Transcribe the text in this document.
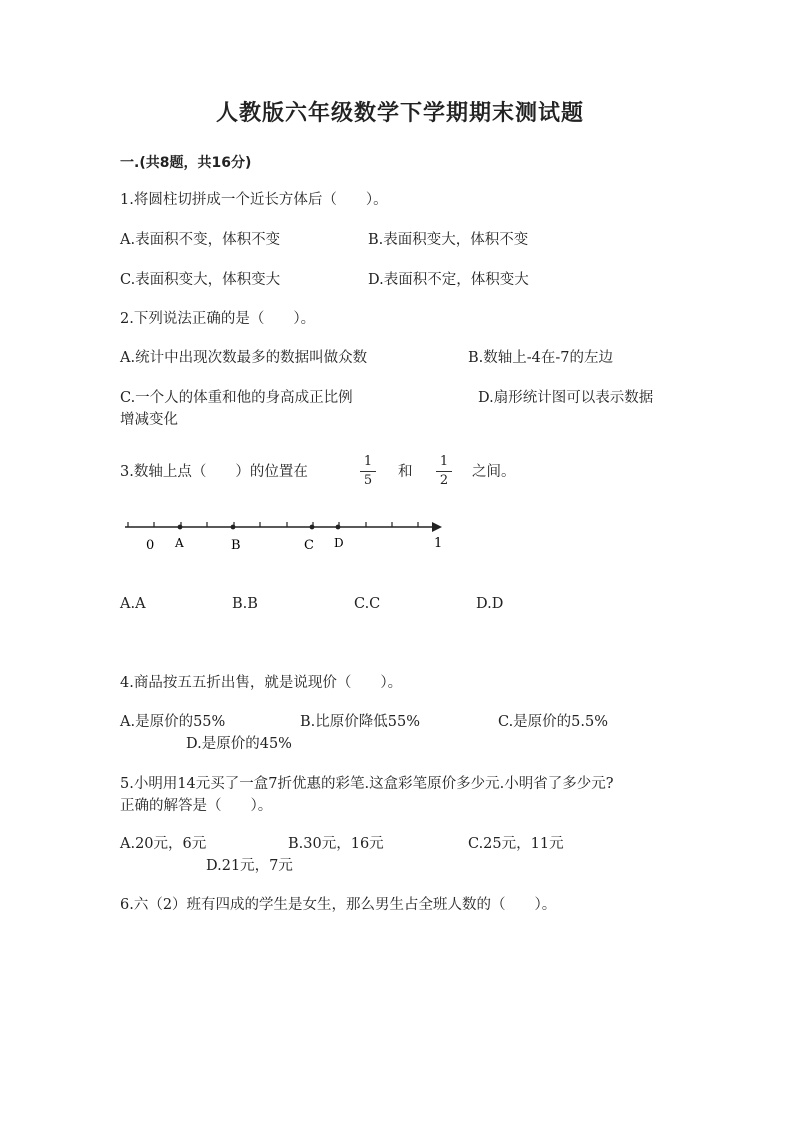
人教版六年级数学下学期期末测试题
一.(共8题，共16分)
1.将圆柱切拼成一个近长方体后（　　）。
A.表面积不变，体积不变	B.表面积变大，体积不变
C.表面积变大，体积变大	D.表面积不定，体积变大
2.下列说法正确的是（　　）。
A.统计中出现次数最多的数据叫做众数	B.数轴上-4在-7的左边
C.一个人的体重和他的身高成正比例	D.扇形统计图可以表示数据
增减变化
3.数轴上点（　　）的位置在
1
5
和
1
2
之间。
0 A	B	C D	1
A.A	B.B	C.C	D.D
4.商品按五五折出售，就是说现价（　　）。
A.是原价的55%	B.比原价降低55%	C.是原价的5.5%
D.是原价的45%
5.小明用14元买了一盒7折优惠的彩笔.这盒彩笔原价多少元.小明省了多少元?
正确的解答是（　　）。
A.20元，6元	B.30元，16元	C.25元，11元
D.21元，7元
6.六（2）班有四成的学生是女生，那么男生占全班人数的（　　）。
